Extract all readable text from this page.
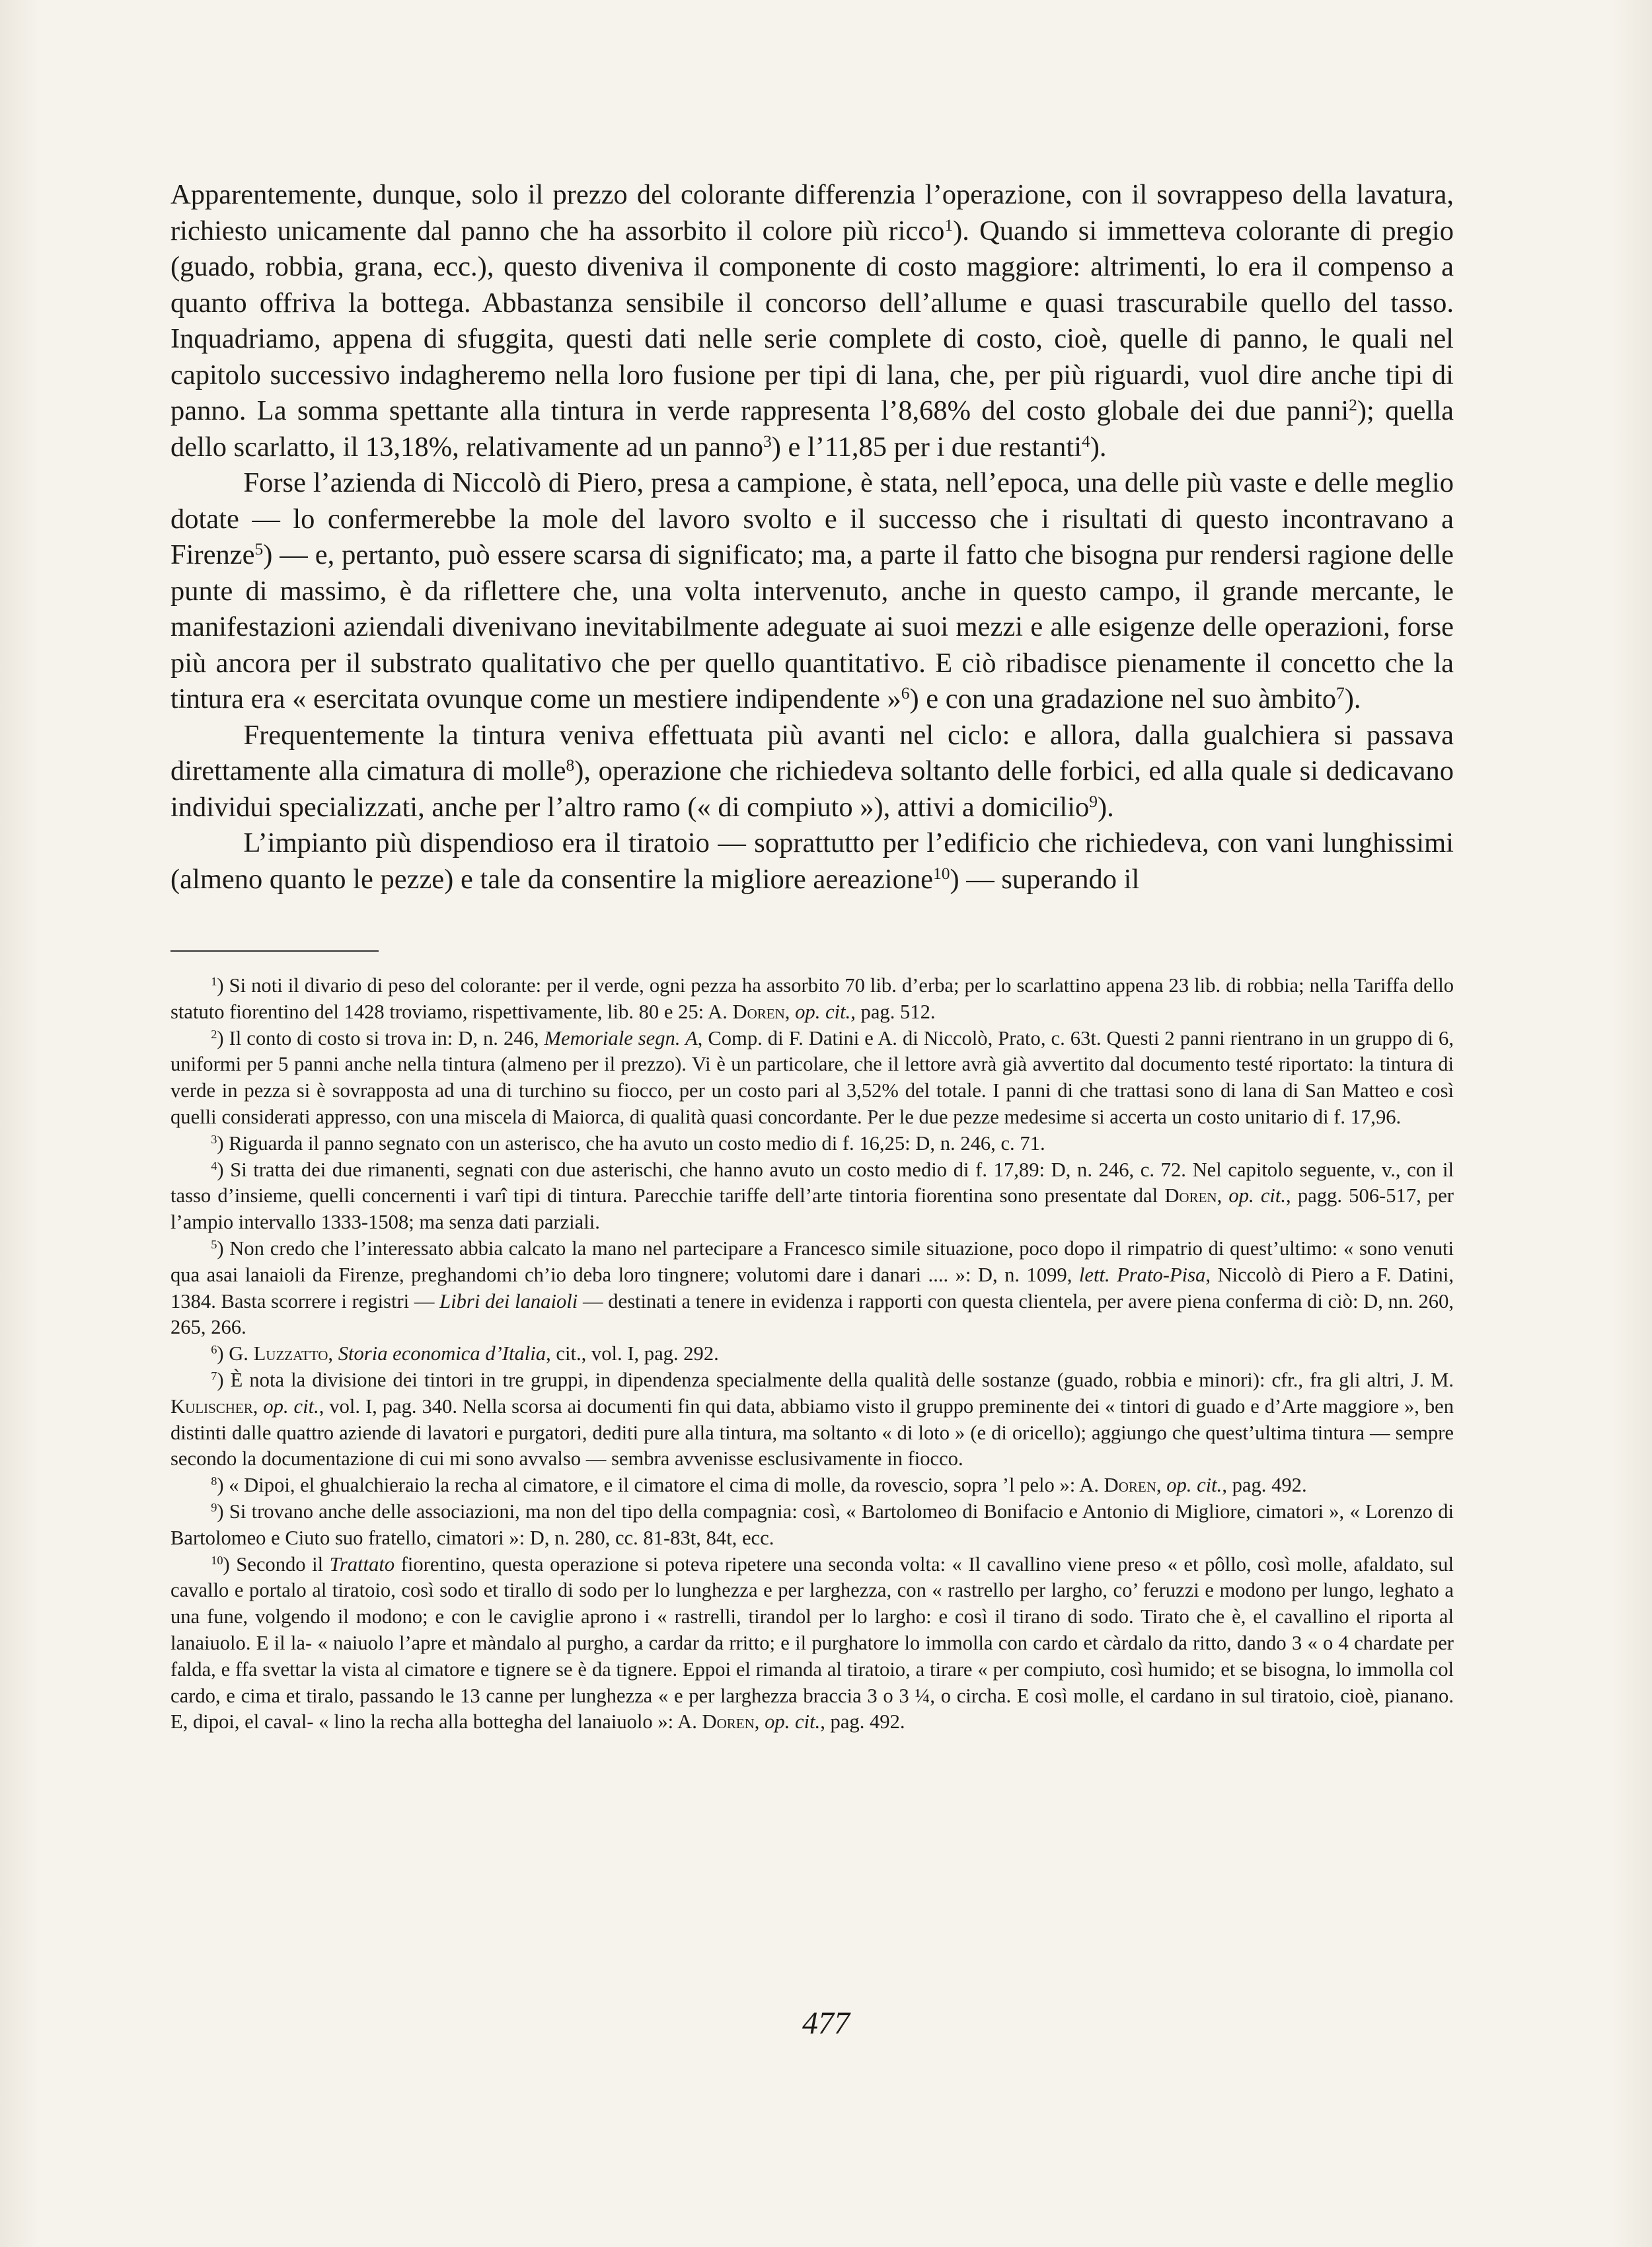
Apparentemente, dunque, solo il prezzo del colorante differenzia l’operazione, con il sovrappeso della lavatura, richiesto unicamente dal panno che ha assorbito il colore più ricco$^1$). Quando si immetteva colorante di pregio (guado, robbia, grana, ecc.), questo diveniva il componente di costo maggiore: altrimenti, lo era il compenso a quanto offriva la bottega. Abbastanza sensibile il concorso dell’allume e quasi trascurabile quello del tasso. Inquadriamo, appena di sfuggita, questi dati nelle serie complete di costo, cioè, quelle di panno, le quali nel capitolo successivo indagheremo nella loro fusione per tipi di lana, che, per più riguardi, vuol dire anche tipi di panno. La somma spettante alla tintura in verde rappresenta l’8,68% del costo globale dei due panni$^2$); quella dello scarlatto, il 13,18%, relativamente ad un panno$^3$) e l’11,85 per i due restanti$^4$).

Forse l’azienda di Niccolò di Piero, presa a campione, è stata, nell’epoca, una delle più vaste e delle meglio dotate — lo confermerebbe la mole del lavoro svolto e il successo che i risultati di questo incontravano a Firenze$^5$) — e, pertanto, può essere scarsa di significato; ma, a parte il fatto che bisogna pur rendersi ragione delle punte di massimo, è da riflettere che, una volta intervenuto, anche in questo campo, il grande mercante, le manifestazioni aziendali divenivano inevitabilmente adeguate ai suoi mezzi e alle esigenze delle operazioni, forse più ancora per il substrato qualitativo che per quello quantitativo. E ciò ribadisce pienamente il concetto che la tintura era « esercitata ovunque come un mestiere indipendente »$^6$) e con una gradazione nel suo àmbito$^7$).

Frequentemente la tintura veniva effettuata più avanti nel ciclo: e allora, dalla gualchiera si passava direttamente alla cimatura di molle$^8$), operazione che richiedeva soltanto delle forbici, ed alla quale si dedicavano individui specializzati, anche per l’altro ramo (« di compiuto »), attivi a domicilio$^9$).

L’impianto più dispendioso era il tiratoio — soprattutto per l’edificio che richiedeva, con vani lunghissimi (almeno quanto le pezze) e tale da consentire la migliore aereazione$^{10}$) — superando il

$^1$) Si noti il divario di peso del colorante: per il verde, ogni pezza ha assorbito 70 lib. d’erba; per lo scarlattino appena 23 lib. di robbia; nella Tariffa dello statuto fiorentino del 1428 troviamo, rispettivamente, lib. 80 e 25: A. Doren, op. cit., pag. 512.

$^2$) Il conto di costo si trova in: D, n. 246, Memoriale segn. A, Comp. di F. Datini e A. di Niccolò, Prato, c. 63t. Questi 2 panni rientrano in un gruppo di 6, uniformi per 5 panni anche nella tintura (almeno per il prezzo). Vi è un particolare, che il lettore avrà già avvertito dal documento testé riportato: la tintura di verde in pezza si è sovrapposta ad una di turchino su fiocco, per un costo pari al 3,52% del totale. I panni di che trattasi sono di lana di San Matteo e così quelli considerati appresso, con una miscela di Maiorca, di qualità quasi concordante. Per le due pezze medesime si accerta un costo unitario di f. 17,96.

$^3$) Riguarda il panno segnato con un asterisco, che ha avuto un costo medio di f. 16,25: D, n. 246, c. 71.

$^4$) Si tratta dei due rimanenti, segnati con due asterischi, che hanno avuto un costo medio di f. 17,89: D, n. 246, c. 72. Nel capitolo seguente, v., con il tasso d’insieme, quelli concernenti i varî tipi di tintura. Parecchie tariffe dell’arte tintoria fiorentina sono presentate dal Doren, op. cit., pagg. 506-517, per l’ampio intervallo 1333-1508; ma senza dati parziali.

$^5$) Non credo che l’interessato abbia calcato la mano nel partecipare a Francesco simile situazione, poco dopo il rimpatrio di quest’ultimo: « sono venuti qua asai lanaioli da Firenze, preghandomi ch’io deba loro tingnere; volutomi dare i danari .... »: D, n. 1099, lett. Prato-Pisa, Niccolò di Piero a F. Datini, 1384. Basta scorrere i registri — Libri dei lanaioli — destinati a tenere in evidenza i rapporti con questa clientela, per avere piena conferma di ciò: D, nn. 260, 265, 266.

$^6$) G. Luzzatto, Storia economica d’Italia, cit., vol. I, pag. 292.

$^7$) È nota la divisione dei tintori in tre gruppi, in dipendenza specialmente della qualità delle sostanze (guado, robbia e minori): cfr., fra gli altri, J. M. Kulischer, op. cit., vol. I, pag. 340. Nella scorsa ai documenti fin qui data, abbiamo visto il gruppo preminente dei « tintori di guado e d’Arte maggiore », ben distinti dalle quattro aziende di lavatori e purgatori, dediti pure alla tintura, ma soltanto « di loto » (e di oricello); aggiungo che quest’ultima tintura — sempre secondo la documentazione di cui mi sono avvalso — sembra avvenisse esclusivamente in fiocco.

$^8$) « Dipoi, el ghualchieraio la recha al cimatore, e il cimatore el cima di molle, da rovescio, sopra ’l pelo »: A. Doren, op. cit., pag. 492.

$^9$) Si trovano anche delle associazioni, ma non del tipo della compagnia: così, « Bartolomeo di Bonifacio e Antonio di Migliore, cimatori », « Lorenzo di Bartolomeo e Ciuto suo fratello, cimatori »: D, n. 280, cc. 81-83t, 84t, ecc.

$^{10}$) Secondo il Trattato fiorentino, questa operazione si poteva ripetere una seconda volta: « Il cavallino viene preso « et pôllo, così molle, afaldato, sul cavallo e portalo al tiratoio, così sodo et tirallo di sodo per lo lunghezza e per larghezza, con « rastrello per largho, co’ feruzzi e modono per lungo, leghato a una fune, volgendo il modono; e con le caviglie aprono i « rastrelli, tirandol per lo largho: e così il tirano di sodo. Tirato che è, el cavallino el riporta al lanaiuolo. E il la- « naiuolo l’apre et màndalo al purgho, a cardar da rritto; e il purghatore lo immolla con cardo et càrdalo da ritto, dando 3 « o 4 chardate per falda, e ffa svettar la vista al cimatore e tignere se è da tignere. Eppoi el rimanda al tiratoio, a tirare « per compiuto, così humido; et se bisogna, lo immolla col cardo, e cima et tiralo, passando le 13 canne per lunghezza « e per larghezza braccia 3 o 3 ¼, o circha. E così molle, el cardano in sul tiratoio, cioè, pianano. E, dipoi, el caval- « lino la recha alla bottegha del lanaiuolo »: A. Doren, op. cit., pag. 492.

477
